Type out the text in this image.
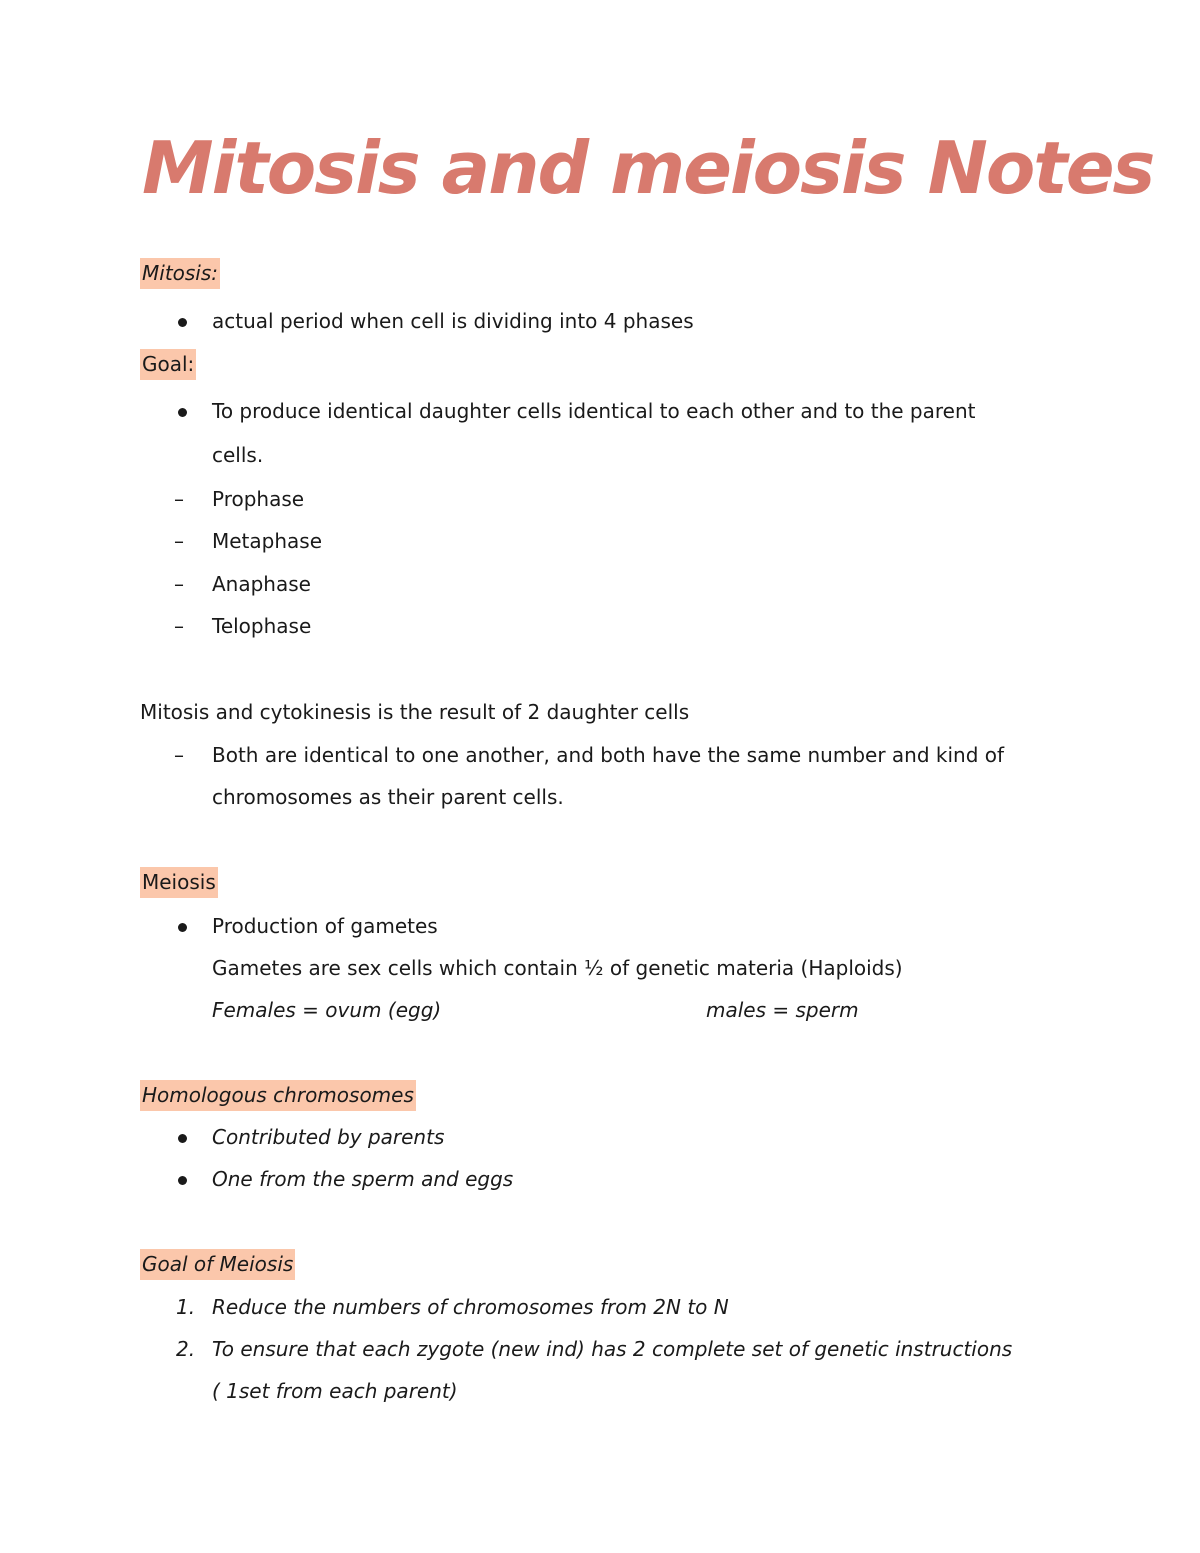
Mitosis and meiosis Notes
Mitosis:
actual period when cell is dividing into 4 phases
Goal:
To produce identical daughter cells identical to each other and to the parent
cells.
– Prophase
– Metaphase
– Anaphase
– Telophase
Mitosis and cytokinesis is the result of 2 daughter cells
– Both are identical to one another, and both have the same number and kind of
chromosomes as their parent cells.
Meiosis
Production of gametes
Gametes are sex cells which contain ½ of genetic materia (Haploids)
Females = ovum (egg)	males = sperm
Homologous chromosomes
Contributed by parents
One from the sperm and eggs
Goal of Meiosis
1. Reduce the numbers of chromosomes from 2N to N
2. To ensure that each zygote (new ind) has 2 complete set of genetic instructions
( 1set from each parent)
